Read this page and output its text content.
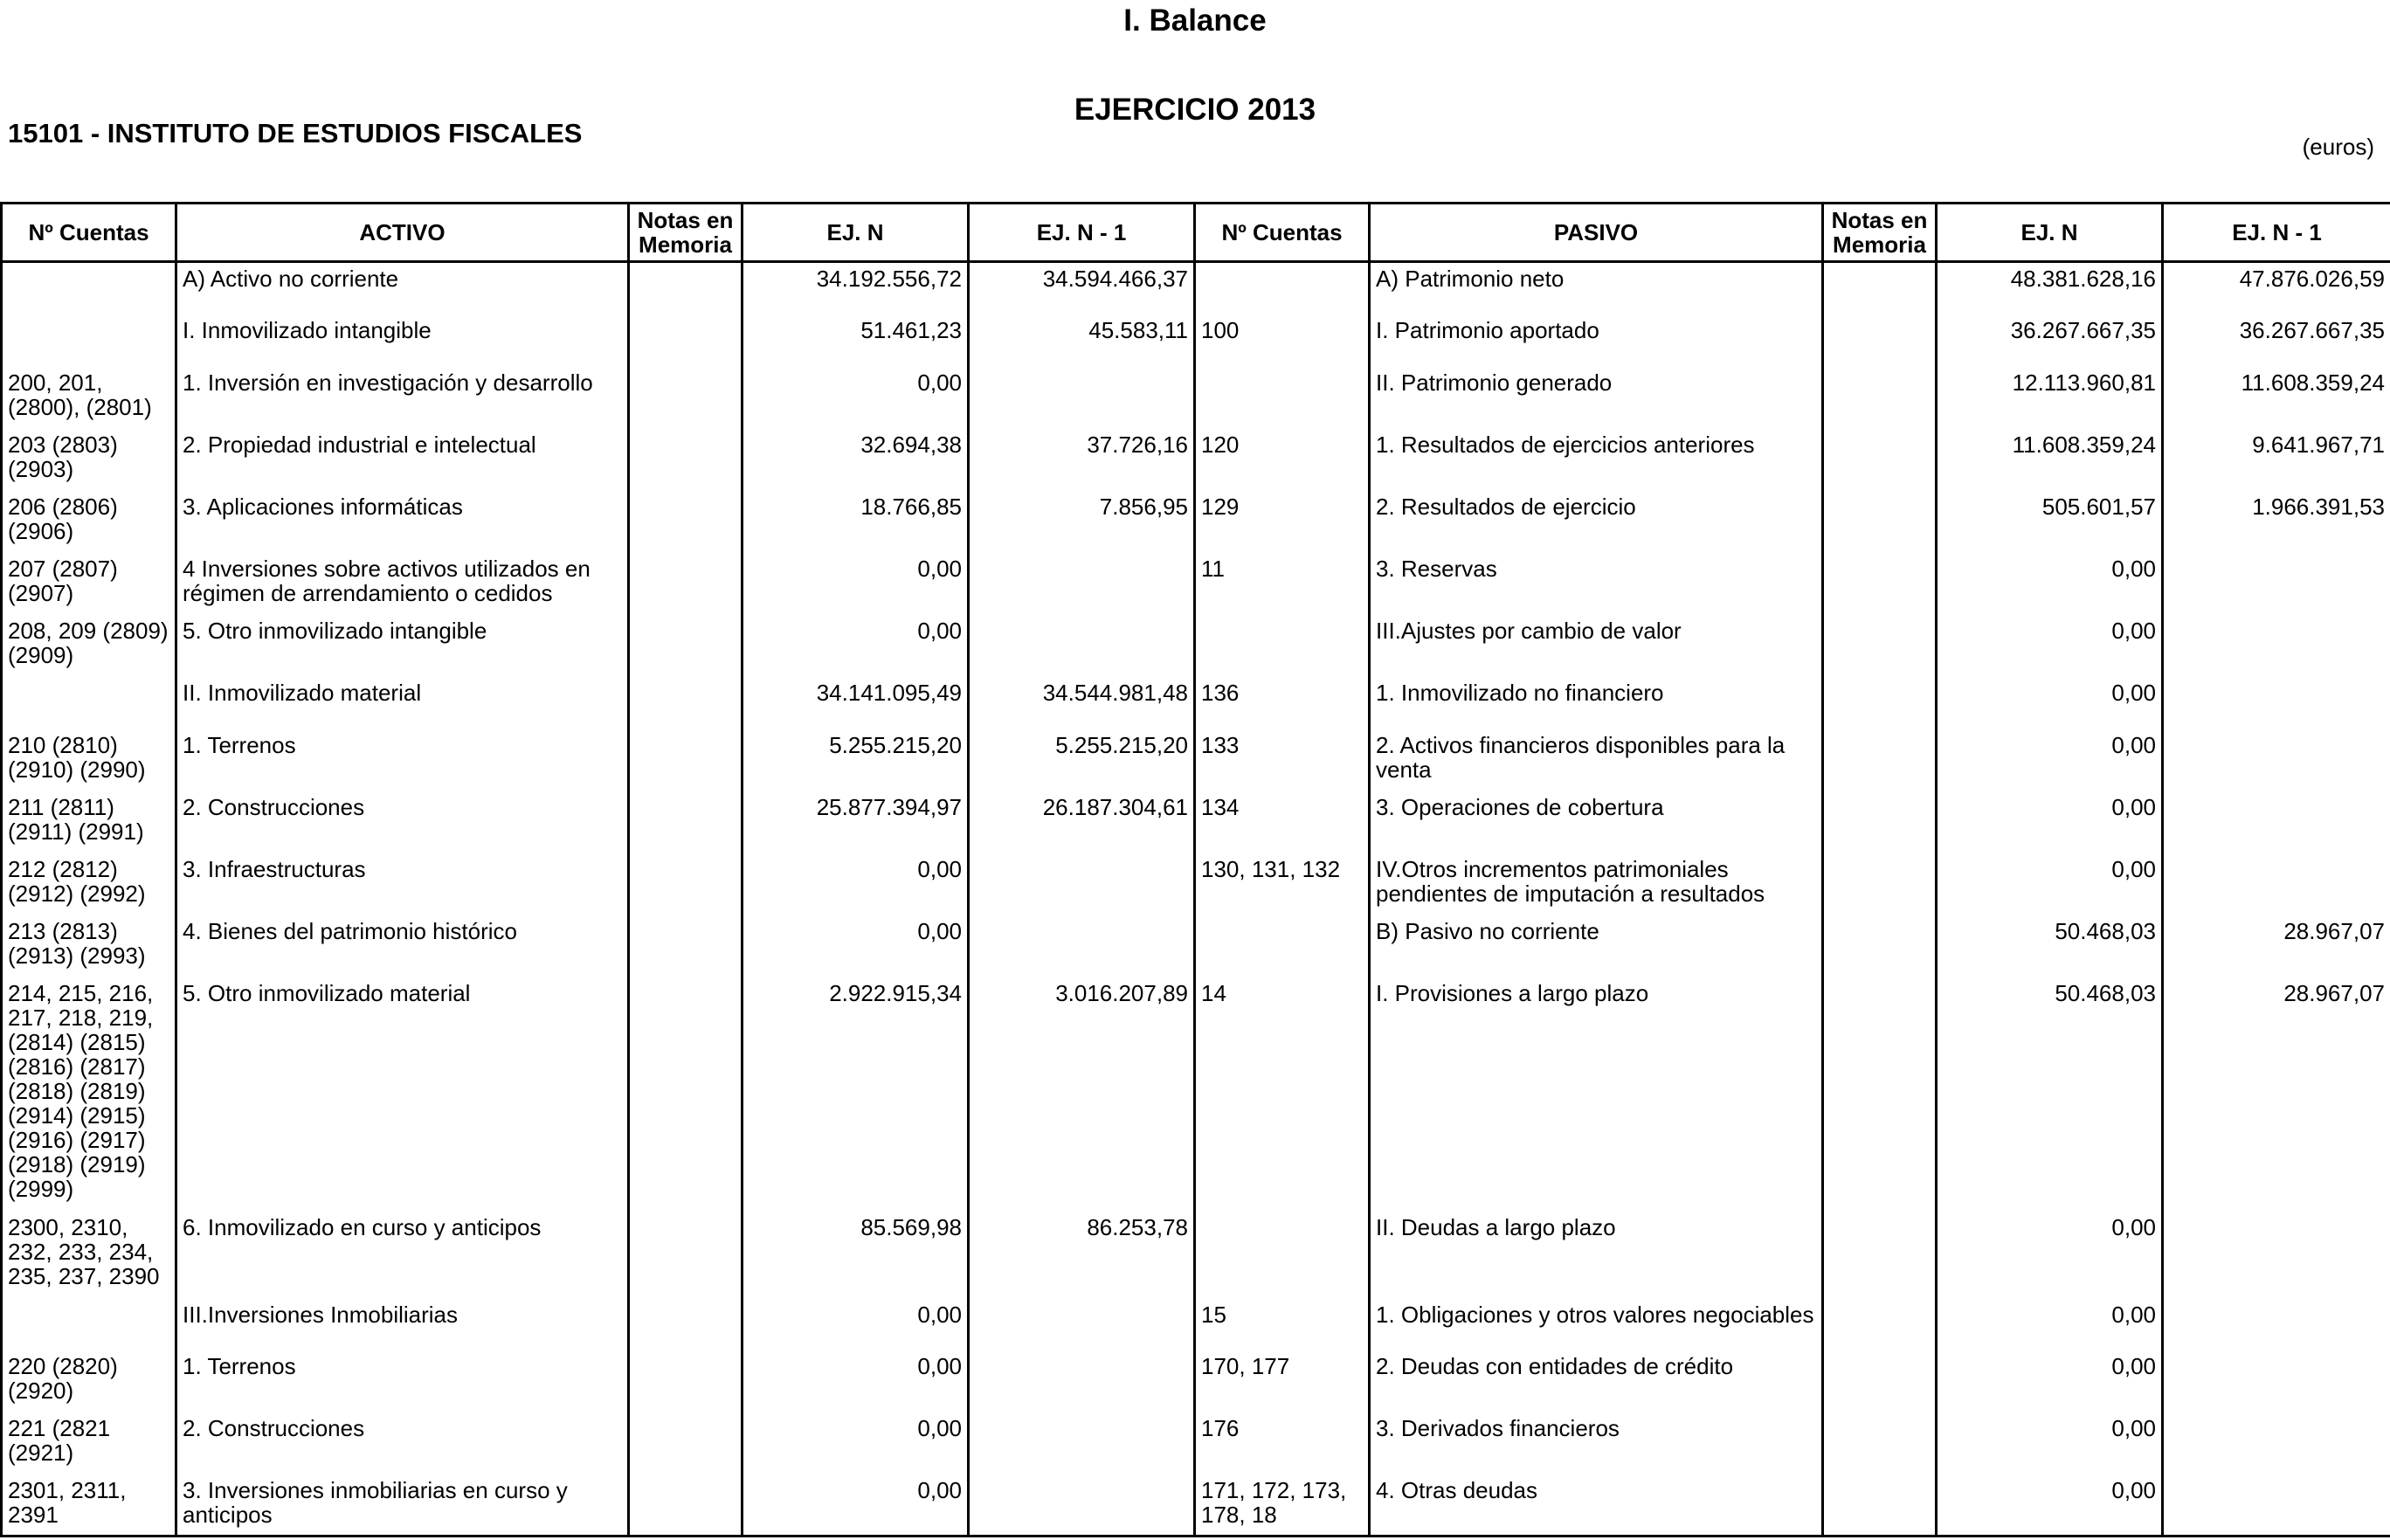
I. Balance
EJERCICIO 2013
15101 - INSTITUTO DE ESTUDIOS FISCALES	(euros)
Nº Cuentas	ACTIVO	Notas en Memoria	EJ. N	EJ. N - 1	Nº Cuentas	PASIVO	Notas en Memoria	EJ. N	EJ. N - 1
	A) Activo no corriente		34.192.556,72	34.594.466,37		A) Patrimonio neto		48.381.628,16	47.876.026,59
	I. Inmovilizado intangible		51.461,23	45.583,11	100	I. Patrimonio aportado		36.267.667,35	36.267.667,35
200, 201, (2800), (2801)	1. Inversión en investigación y desarrollo		0,00			II. Patrimonio generado		12.113.960,81	11.608.359,24
203 (2803) (2903)	2. Propiedad industrial e intelectual		32.694,38	37.726,16	120	1. Resultados de ejercicios anteriores		11.608.359,24	9.641.967,71
206 (2806) (2906)	3. Aplicaciones informáticas		18.766,85	7.856,95	129	2. Resultados de ejercicio		505.601,57	1.966.391,53
207 (2807) (2907)	4 Inversiones sobre activos utilizados en régimen de arrendamiento o cedidos		0,00		11	3. Reservas		0,00	
208, 209 (2809) (2909)	5. Otro inmovilizado intangible		0,00			III.Ajustes por cambio de valor		0,00	
	II. Inmovilizado material		34.141.095,49	34.544.981,48	136	1. Inmovilizado no financiero		0,00	
210 (2810) (2910) (2990)	1. Terrenos		5.255.215,20	5.255.215,20	133	2. Activos financieros disponibles para la venta		0,00	
211 (2811) (2911) (2991)	2. Construcciones		25.877.394,97	26.187.304,61	134	3. Operaciones de cobertura		0,00	
212 (2812) (2912) (2992)	3. Infraestructuras		0,00		130, 131, 132	IV.Otros incrementos patrimoniales pendientes de imputación a resultados		0,00	
213 (2813) (2913) (2993)	4. Bienes del patrimonio histórico		0,00			B) Pasivo no corriente		50.468,03	28.967,07
214, 215, 216, 217, 218, 219, (2814) (2815) (2816) (2817) (2818) (2819) (2914) (2915) (2916) (2917) (2918) (2919) (2999)	5. Otro inmovilizado material		2.922.915,34	3.016.207,89	14	I. Provisiones a largo plazo		50.468,03	28.967,07
2300, 2310, 232, 233, 234, 235, 237, 2390	6. Inmovilizado en curso y anticipos		85.569,98	86.253,78		II. Deudas a largo plazo		0,00	
	III.Inversiones Inmobiliarias		0,00		15	1. Obligaciones y otros valores negociables		0,00	
220 (2820) (2920)	1. Terrenos		0,00		170, 177	2. Deudas con entidades de crédito		0,00	
221 (2821 (2921)	2. Construcciones		0,00		176	3. Derivados financieros		0,00	
2301, 2311, 2391	3. Inversiones inmobiliarias en curso y anticipos		0,00		171, 172, 173, 178, 18	4. Otras deudas		0,00	
